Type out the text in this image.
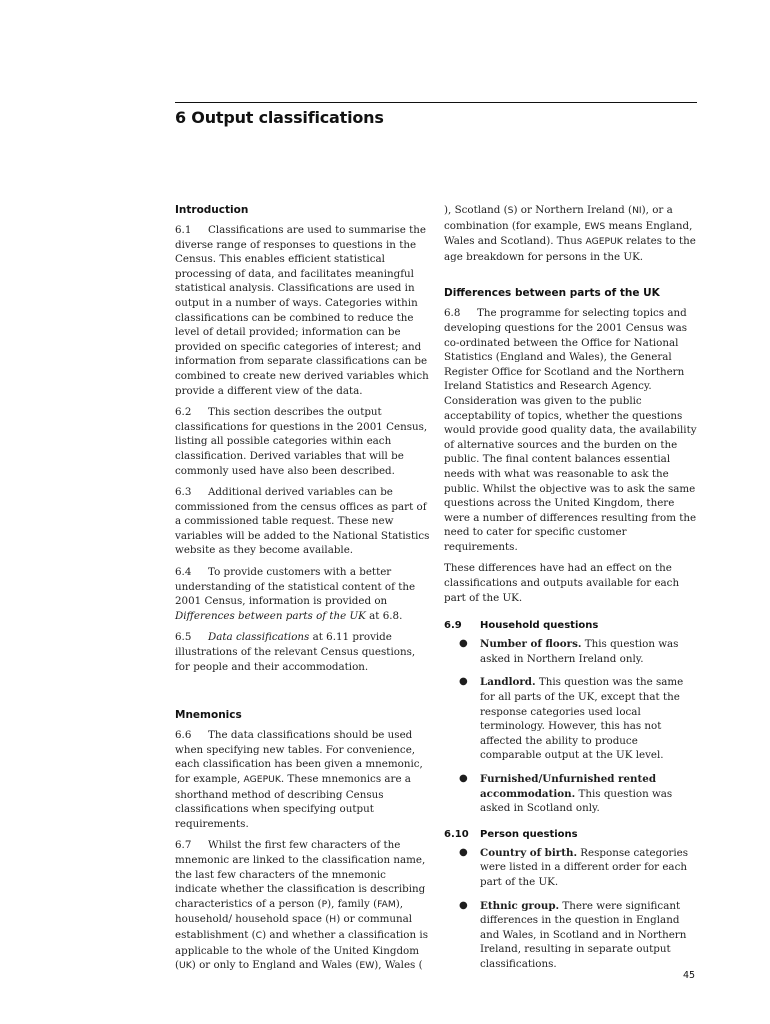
6 Output classifications
Introduction

6.1 Classifications are used to summarise the diverse range of responses to questions in the Census. This enables efficient statistical processing of data, and facilitates meaningful statistical analysis. Classifications are used in output in a number of ways. Categories within classifications can be combined to reduce the level of detail provided; information can be provided on specific categories of interest; and information from separate classifications can be combined to create new derived variables which provide a different view of the data.

6.2 This section describes the output classifications for questions in the 2001 Census, listing all possible categories within each classification. Derived variables that will be commonly used have also been described.

6.3 Additional derived variables can be commissioned from the census offices as part of a commissioned table request. These new variables will be added to the National Statistics website as they become available.

6.4 To provide customers with a better understanding of the statistical content of the 2001 Census, information is provided on Differences between parts of the UK at 6.8.

6.5 Data classifications at 6.11 provide illustrations of the relevant Census questions, for people and their accommodation.

Mnemonics

6.6 The data classifications should be used when specifying new tables. For convenience, each classification has been given a mnemonic, for example, AGEPUK. These mnemonics are a shorthand method of describing Census classifications when specifying output requirements.

6.7 Whilst the first few characters of the mnemonic are linked to the classification name, the last few characters of the mnemonic indicate whether the classification is describing characteristics of a person (P), family (FAM), household/ household space (H) or communal establishment (C) and whether a classification is applicable to the whole of the United Kingdom (UK) or only to England and Wales (EW), Wales (

), Scotland (S) or Northern Ireland (NI), or a combination (for example, EWS means England, Wales and Scotland). Thus AGEPUK relates to the age breakdown for persons in the UK.

Differences between parts of the UK

6.8 The programme for selecting topics and developing questions for the 2001 Census was co-ordinated between the Office for National Statistics (England and Wales), the General Register Office for Scotland and the Northern Ireland Statistics and Research Agency. Consideration was given to the public acceptability of topics, whether the questions would provide good quality data, the availability of alternative sources and the burden on the public. The final content balances essential needs with what was reasonable to ask the public. Whilst the objective was to ask the same questions across the United Kingdom, there were a number of differences resulting from the need to cater for specific customer requirements.

These differences have had an effect on the classifications and outputs available for each part of the UK.

6.9 Household questions
● Number of floors. This question was asked in Northern Ireland only.
● Landlord. This question was the same for all parts of the UK, except that the response categories used local terminology. However, this has not affected the ability to produce comparable output at the UK level.
● Furnished/Unfurnished rented accommodation. This question was asked in Scotland only.
6.10 Person questions
● Country of birth. Response categories were listed in a different order for each part of the UK.
● Ethnic group. There were significant differences in the question in England and Wales, in Scotland and in Northern Ireland, resulting in separate output classifications.

45
